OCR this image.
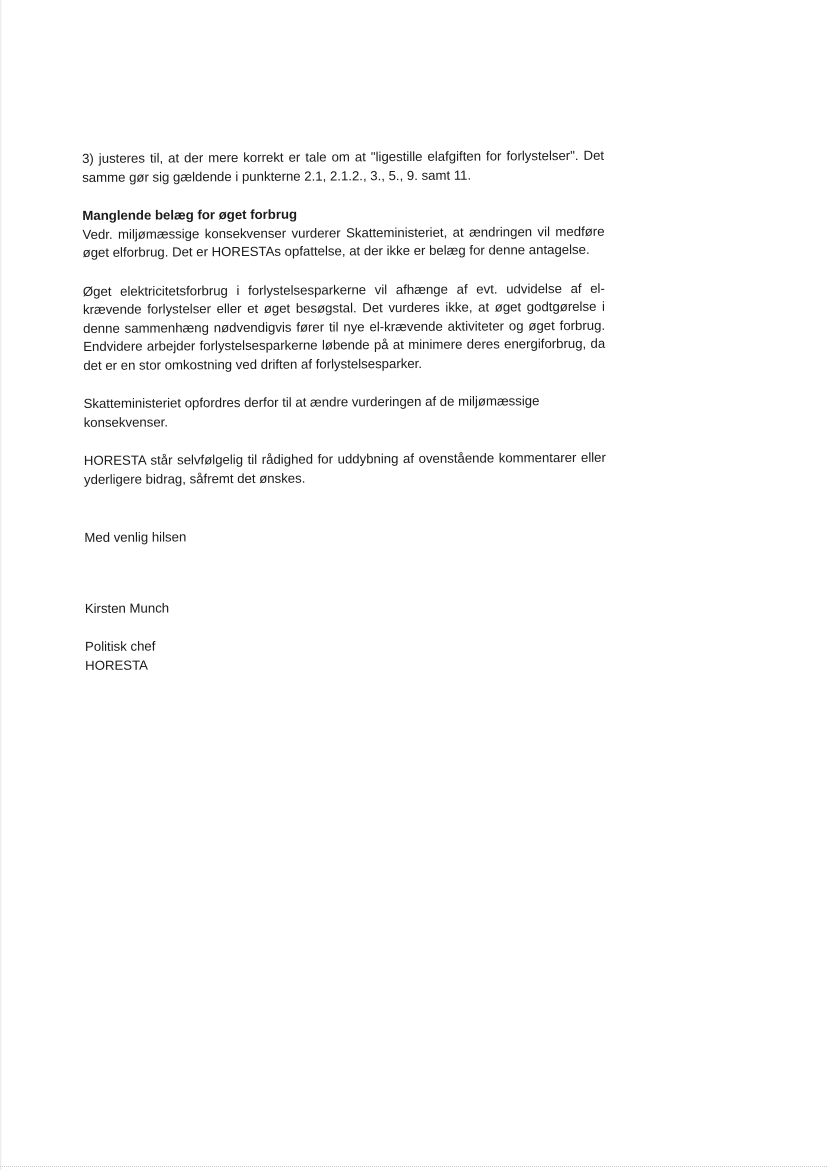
3) justeres til, at der mere korrekt er tale om at "ligestille elafgiften for forlystelser". Det samme gør sig gældende i punkterne 2.1, 2.1.2., 3., 5., 9. samt 11.

Manglende belæg for øget forbrug
Vedr. miljømæssige konsekvenser vurderer Skatteministeriet, at ændringen vil medføre øget elforbrug. Det er HORESTAs opfattelse, at der ikke er belæg for denne antagelse.

Øget elektricitetsforbrug i forlystelsesparkerne vil afhænge af evt. udvidelse af el-krævende forlystelser eller et øget besøgstal. Det vurderes ikke, at øget godtgørelse i denne sammenhæng nødvendigvis fører til nye el-krævende aktiviteter og øget forbrug. Endvidere arbejder forlystelsesparkerne løbende på at minimere deres energiforbrug, da det er en stor omkostning ved driften af forlystelsesparker.

Skatteministeriet opfordres derfor til at ændre vurderingen af de miljømæssige konsekvenser.

HORESTA står selvfølgelig til rådighed for uddybning af ovenstående kommentarer eller yderligere bidrag, såfremt det ønskes.

Med venlig hilsen

Kirsten Munch

Politisk chef

HORESTA
